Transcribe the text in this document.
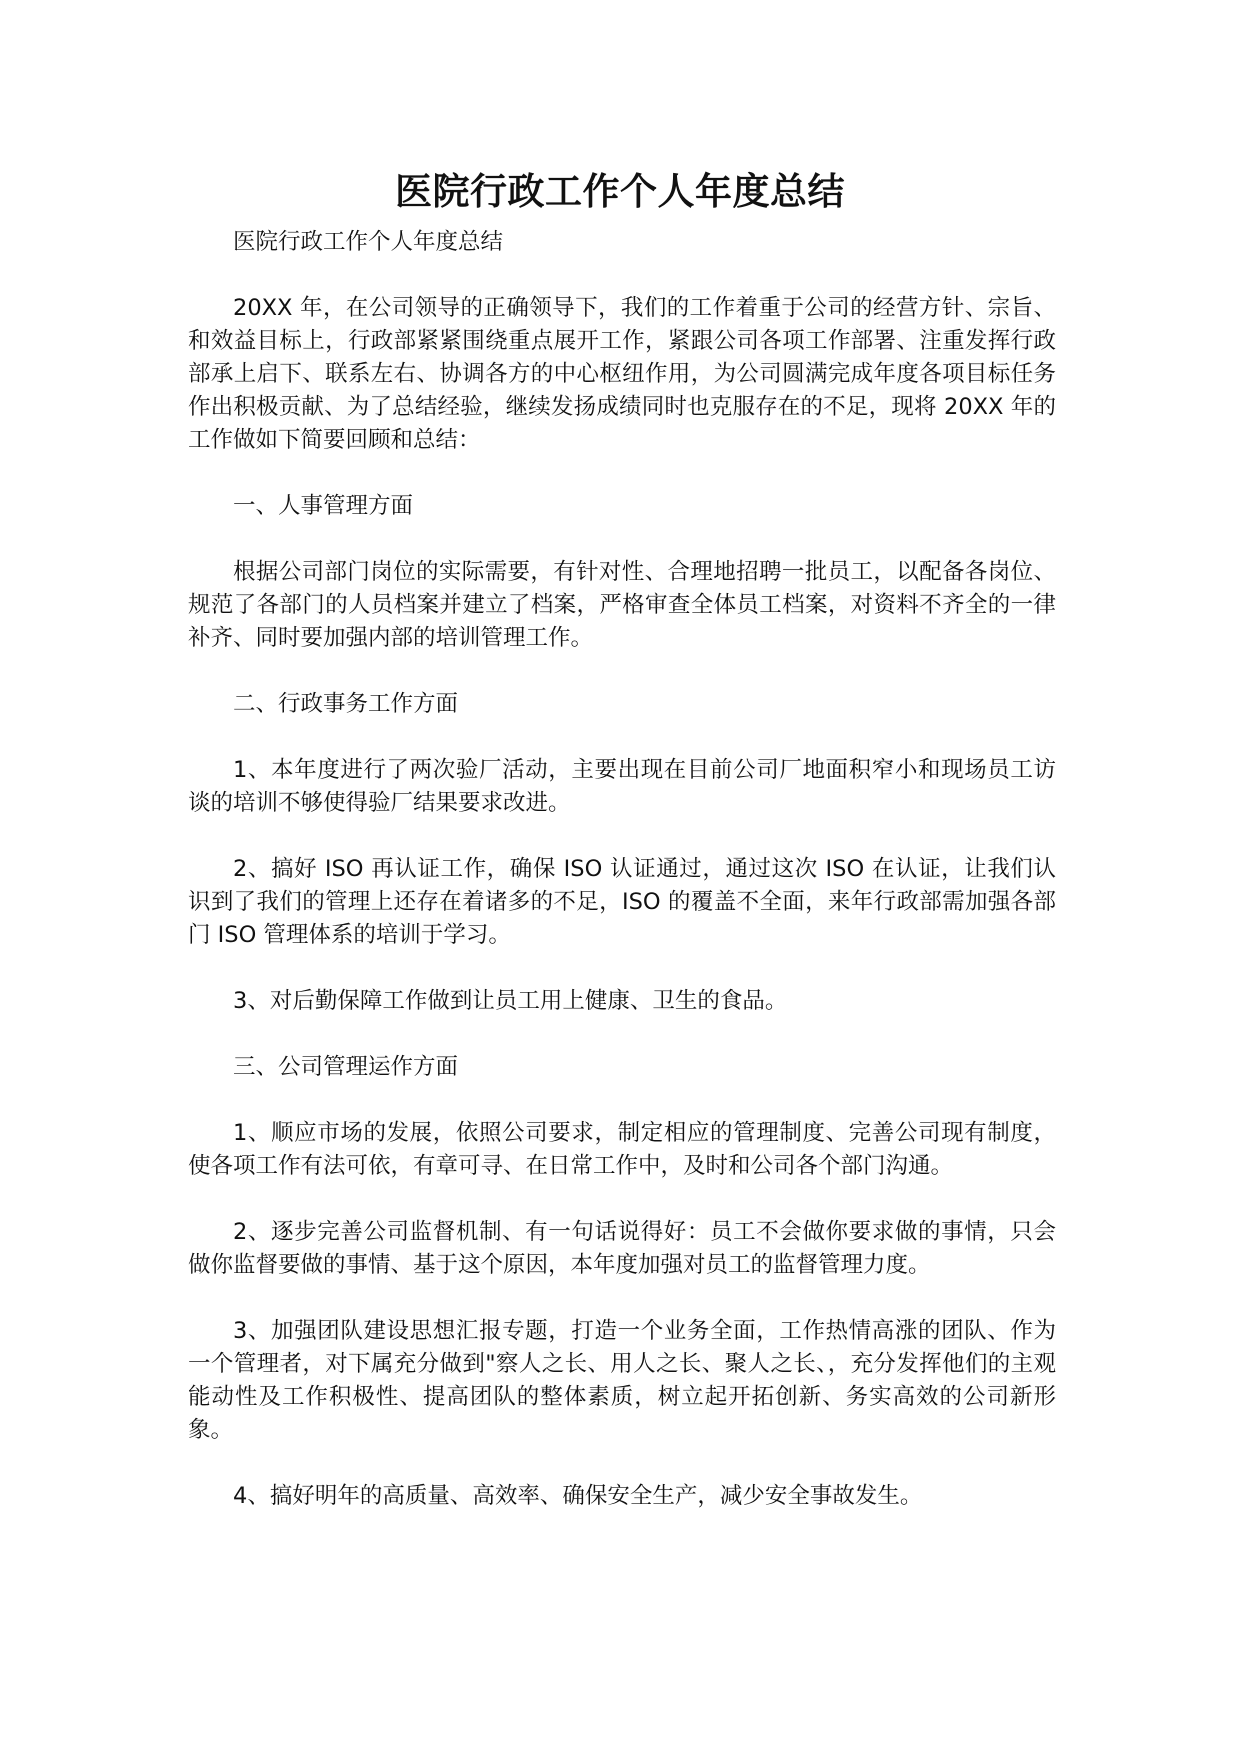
医院行政工作个人年度总结

医院行政工作个人年度总结

20XX 年，在公司领导的正确领导下，我们的工作着重于公司的经营方针、宗旨、和效益目标上，行政部紧紧围绕重点展开工作，紧跟公司各项工作部署、注重发挥行政部承上启下、联系左右、协调各方的中心枢纽作用，为公司圆满完成年度各项目标任务作出积极贡献、为了总结经验，继续发扬成绩同时也克服存在的不足，现将 20XX 年的工作做如下简要回顾和总结：

一、人事管理方面

根据公司部门岗位的实际需要，有针对性、合理地招聘一批员工，以配备各岗位、规范了各部门的人员档案并建立了档案，严格审查全体员工档案，对资料不齐全的一律补齐、同时要加强内部的培训管理工作。

二、行政事务工作方面

1、本年度进行了两次验厂活动，主要出现在目前公司厂地面积窄小和现场员工访谈的培训不够使得验厂结果要求改进。

2、搞好 ISO 再认证工作，确保 ISO 认证通过，通过这次 ISO 在认证，让我们认识到了我们的管理上还存在着诸多的不足，ISO 的覆盖不全面，来年行政部需加强各部门 ISO 管理体系的培训于学习。

3、对后勤保障工作做到让员工用上健康、卫生的食品。

三、公司管理运作方面

1、顺应市场的发展，依照公司要求，制定相应的管理制度、完善公司现有制度，使各项工作有法可依，有章可寻、在日常工作中，及时和公司各个部门沟通。

2、逐步完善公司监督机制、有一句话说得好：员工不会做你要求做的事情，只会做你监督要做的事情、基于这个原因，本年度加强对员工的监督管理力度。

3、加强团队建设思想汇报专题，打造一个业务全面，工作热情高涨的团队、作为一个管理者，对下属充分做到"察人之长、用人之长、聚人之长、，充分发挥他们的主观能动性及工作积极性、提高团队的整体素质，树立起开拓创新、务实高效的公司新形象。

4、搞好明年的高质量、高效率、确保安全生产，减少安全事故发生。
